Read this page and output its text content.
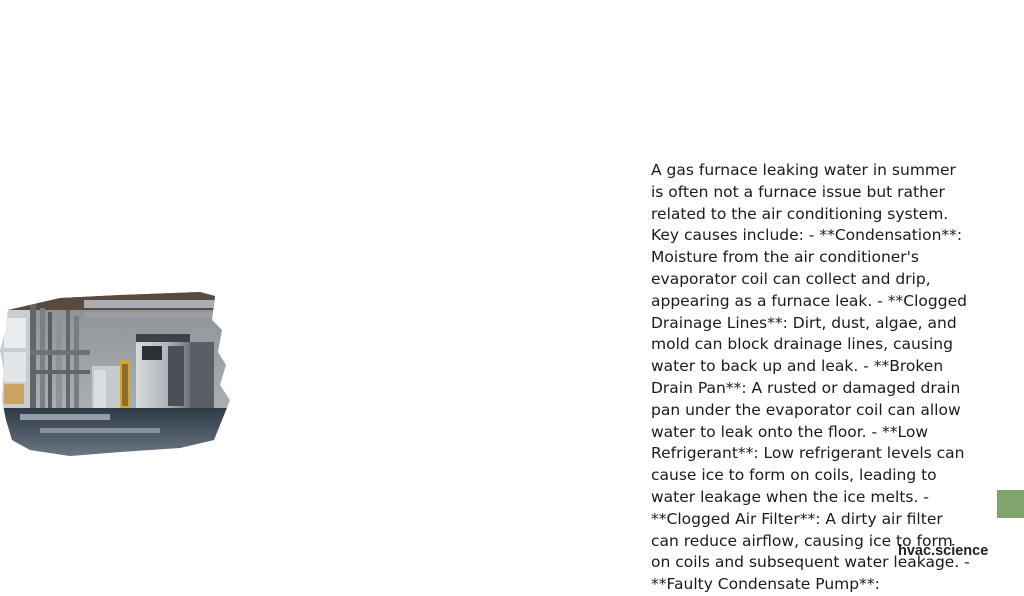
A gas furnace leaking water in summer is often not a furnace issue but rather related to the air conditioning system.
Key causes include: - **Condensation**: Moisture from the air conditioner's evaporator coil can collect and drip, appearing as a furnace leak. - **Clogged Drainage Lines**: Dirt, dust, algae, and mold can block drainage lines, causing water to back up and leak. - **Broken Drain Pan**: A rusted or damaged drain pan under the evaporator coil can allow water to leak onto the floor. - **Low Refrigerant**: Low refrigerant levels can cause ice to form on coils, leading to water leakage when the ice melts. - **Clogged Air Filter**: A dirty air filter can reduce airflow, causing ice to form on coils and subsequent water leakage. - **Faulty Condensate Pump**:

hvac.science
